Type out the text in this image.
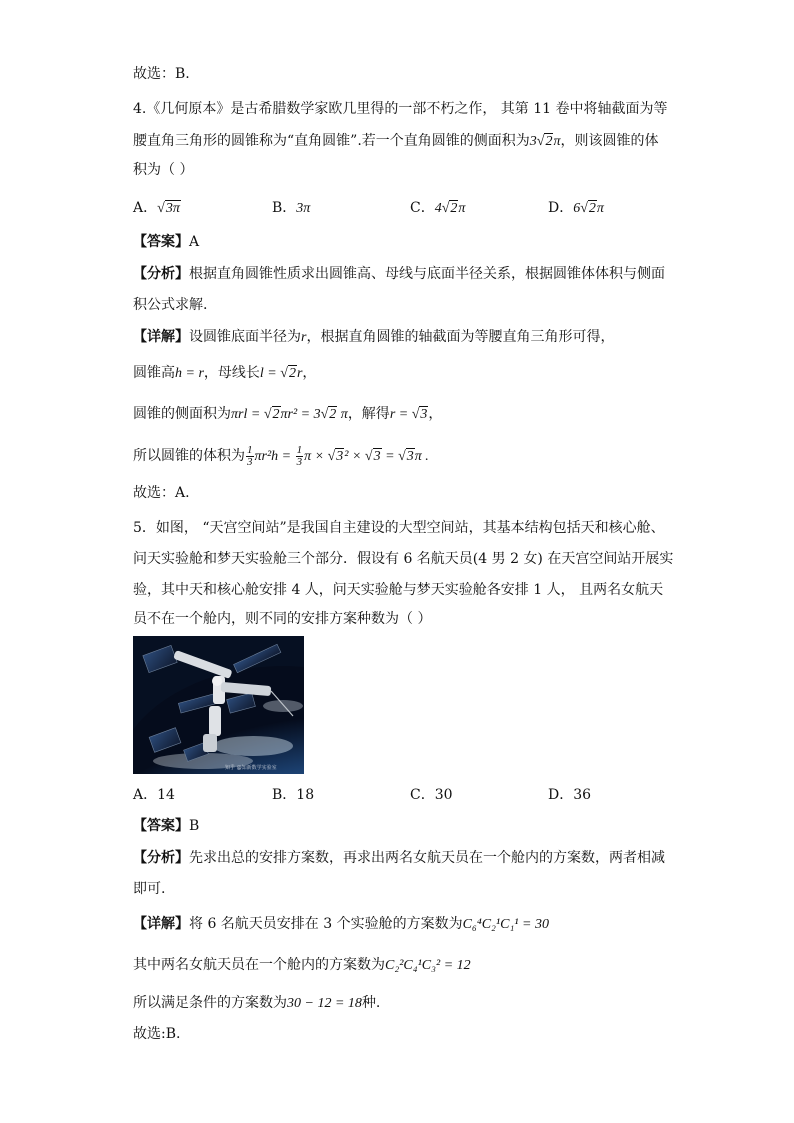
故选：B.
4.《几何原本》是古希腊数学家欧几里得的一部不朽之作， 其第 11 卷中将轴截面为等
腰直角三角形的圆锥称为“直角圆锥”.若一个直角圆锥的侧面积为3√2π，则该圆锥的体
积为（ ）
A．√3π	B．3π	C．4√2π	D．6√2π
【答案】A
【分析】根据直角圆锥性质求出圆锥高、母线与底面半径关系，根据圆锥体体积与侧面
积公式求解.
【详解】设圆锥底面半径为r，根据直角圆锥的轴截面为等腰直角三角形可得，
圆锥高h = r，母线长l = √2r，
圆锥的侧面积为πrl = √2πr² = 3√2 π，解得r = √3，
所以圆锥的体积为 $\frac{1}{3} \pi r^2h = \frac{1}{3}$ π × √3² × √3 = √3π .
故选：A.
5．如图， “天宫空间站”是我国自主建设的大型空间站，其基本结构包括天和核心舱、
问天实验舱和梦天实验舱三个部分．假设有 6 名航天员(4 男 2 女) 在天宫空间站开展实
验，其中天和核心舱安排 4 人，问天实验舱与梦天实验舱各安排 1 人， 且两名女航天
员不在一个舱内，则不同的安排方案种数为（ ）
知乎 @知新数学实验室
A．14	B．18	C．30	D．36
【答案】B
【分析】先求出总的安排方案数，再求出两名女航天员在一个舱内的方案数，两者相减
即可.
【详解】将 6 名航天员安排在 3 个实验舱的方案数为C₆⁴C₂¹C₁¹ = 30
其中两名女航天员在一个舱内的方案数为C₂²C₄¹C₃² = 12
所以满足条件的方案数为30 − 12 = 18种.
故选:B.
